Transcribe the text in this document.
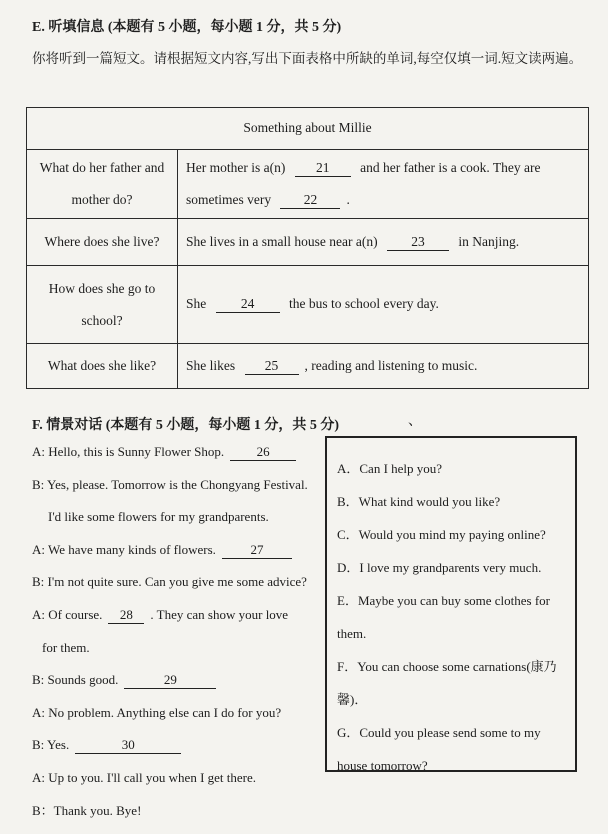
E. 听填信息 (本题有 5 小题，每小题 1 分，共 5 分)
你将听到一篇短文。请根据短文内容,写出下面表格中所缺的单词,每空仅填一词.短文读两遍。
Something about Millie	
What do her father and mother do?	Her mother is a(n) 21 and her father is a cook. They are sometimes very 22 .
Where does she live?	She lives in a small house near a(n) 23 in Nanjing.
How does she go to school?	She 24 the bus to school every day.
What does she like?	She likes 25 , reading and listening to music.
F. 情景对话 (本题有 5 小题，每小题 1 分，共 5 分)	、
A: Hello, this is Sunny Flower Shop.	26
B: Yes, please. Tomorrow is the Chongyang Festival.
I'd like some flowers for my grandparents.
A: We have many kinds of flowers.	27
B: I'm not quite sure. Can you give me some advice?
A: Of course. 28 . They can show your love
for them.
B: Sounds good.	29
A: No problem. Anything else can I do for you?
B: Yes.	30
A: Up to you. I'll call you when I get there.
B：Thank you. Bye!
A．Can I help you?
B．What kind would you like?
C．Would you mind my paying online?
D．I love my grandparents very much.
E．Maybe you can buy some clothes for
them.
F．You can choose some carnations(康乃
馨)．
G．Could you please send some to my
house tomorrow?
